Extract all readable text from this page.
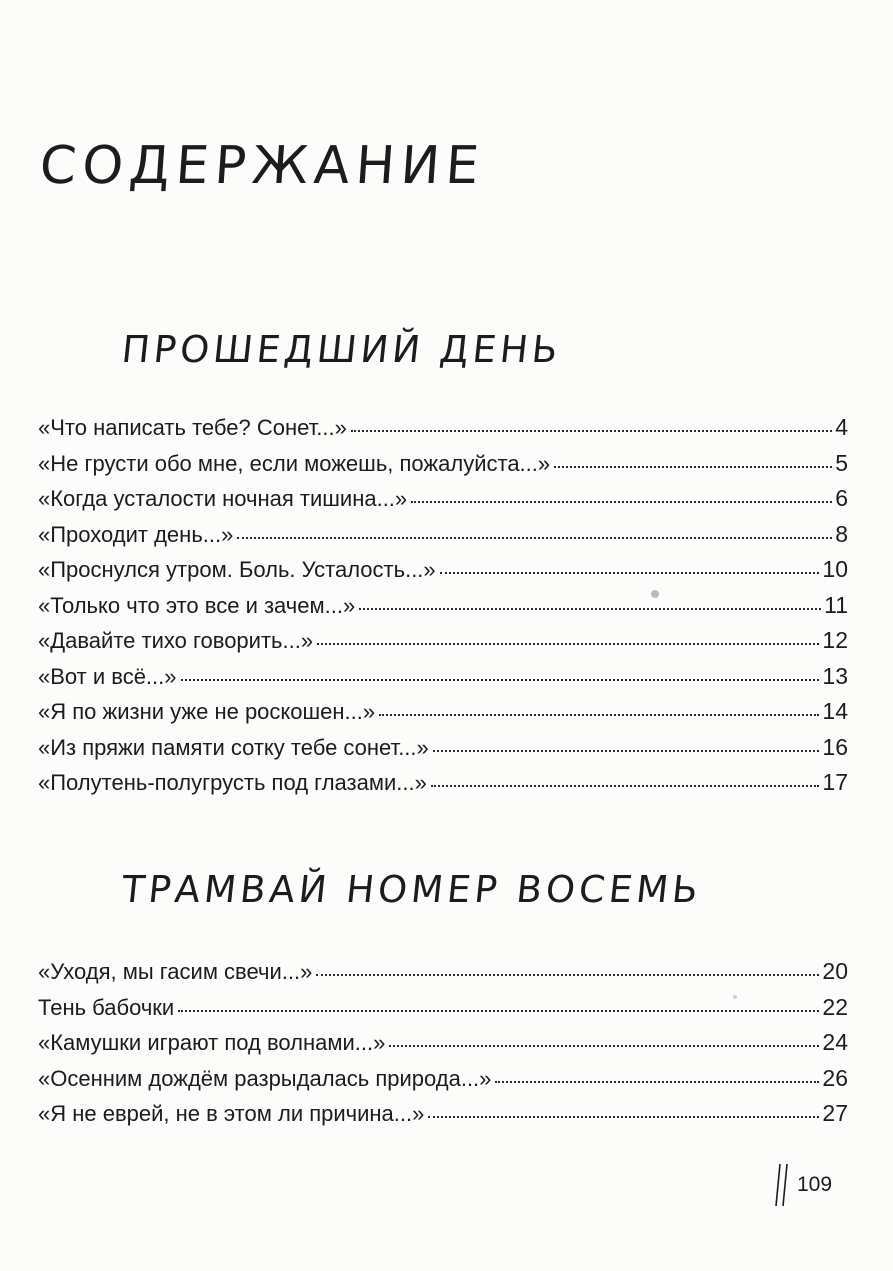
СОДЕРЖАНИЕ
ПРОШЕДШИЙ ДЕНЬ
«Что написать тебе? Сонет...»	4
«Не грусти обо мне, если можешь, пожалуйста...»	5
«Когда усталости ночная тишина...»	6
«Проходит день...»	8
«Проснулся утром. Боль. Усталость...»	10
«Только что это все и зачем...»	11
«Давайте тихо говорить...»	12
«Вот и всё...»	13
«Я по жизни уже не роскошен...»	14
«Из пряжи памяти сотку тебе сонет...»	16
«Полутень-полугрусть под глазами...»	17
ТРАМВАЙ НОМЕР ВОСЕМЬ
«Уходя, мы гасим свечи...»	20
Тень бабочки	22
«Камушки играют под волнами...»	24
«Осенним дождём разрыдалась природа...»	26
«Я не еврей, не в этом ли причина...»	27
109
